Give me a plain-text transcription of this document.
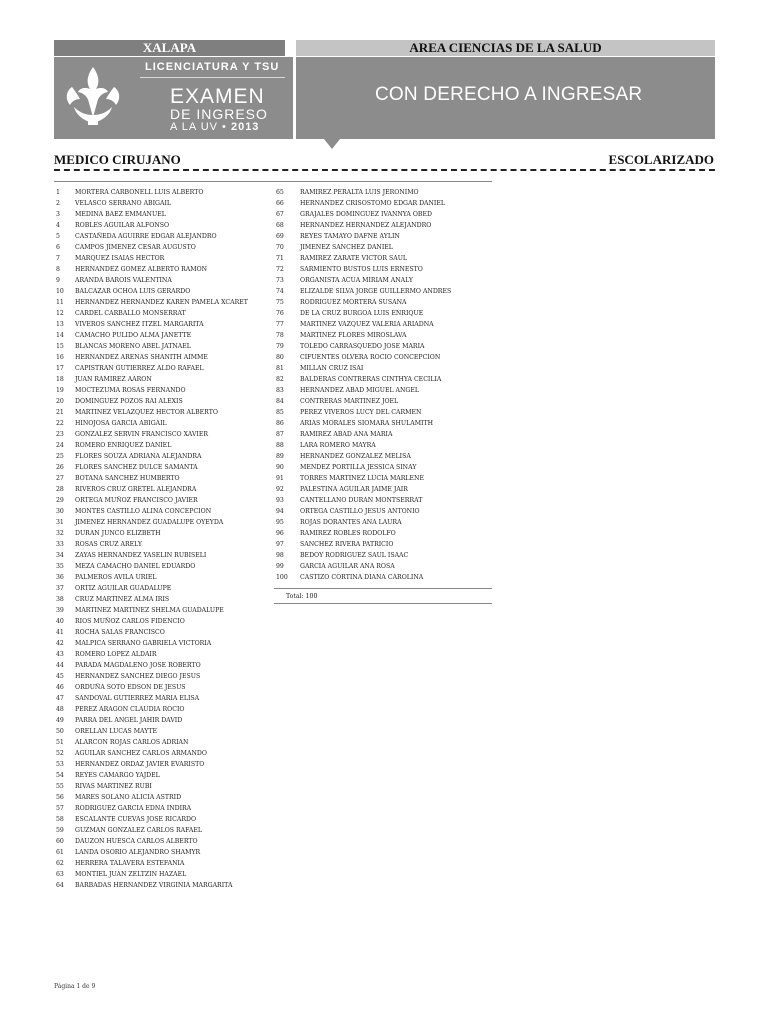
XALAPA	AREA CIENCIAS DE LA SALUD
LICENCIATURA Y TSU
EXAMEN
DE INGRESO
A LA UV • 2013
CON DERECHO A INGRESAR
MEDICO CIRUJANO	ESCOLARIZADO
1 MORTERA CARBONELL LUIS ALBERTO
2 VELASCO SERRANO ABIGAIL
3 MEDINA BAEZ EMMANUEL
4 ROBLES AGUILAR ALFONSO
5 CASTAÑEDA AGUIRRE EDGAR ALEJANDRO
6 CAMPOS JIMENEZ CESAR AUGUSTO
7 MARQUEZ ISAIAS HECTOR
8 HERNANDEZ GOMEZ ALBERTO RAMON
9 ARANDA BAROIS VALENTINA
10 BALCAZAR OCHOA LUIS GERARDO
11 HERNANDEZ HERNANDEZ KAREN PAMELA XCARET
12 CARDEL CARBALLO MONSERRAT
13 VIVEROS SANCHEZ ITZEL MARGARITA
14 CAMACHO PULIDO ALMA JANETTE
15 BLANCAS MORENO ABEL JATNAEL
16 HERNANDEZ ARENAS SHANITH AIMME
17 CAPISTRAN GUTIERREZ ALDO RAFAEL
18 JUAN RAMIREZ AARON
19 MOCTEZUMA ROSAS FERNANDO
20 DOMINGUEZ POZOS RAI ALEXIS
21 MARTINEZ VELAZQUEZ HECTOR ALBERTO
22 HINOJOSA GARCIA ABIGAIL
23 GONZALEZ SERVIN FRANCISCO XAVIER
24 ROMERO ENRIQUEZ DANIEL
25 FLORES SOUZA ADRIANA ALEJANDRA
26 FLORES SANCHEZ DULCE SAMANTA
27 BOTANA SANCHEZ HUMBERTO
28 RIVEROS CRUZ GRETEL ALEJANDRA
29 ORTEGA MUÑOZ FRANCISCO JAVIER
30 MONTES CASTILLO ALINA CONCEPCION
31 JIMENEZ HERNANDEZ GUADALUPE OYEYDA
32 DURAN JUNCO ELIZBETH
33 ROSAS CRUZ ARELY
34 ZAYAS HERNANDEZ YASELIN RUBISELI
35 MEZA CAMACHO DANIEL EDUARDO
36 PALMEROS AVILA URIEL
37 ORTIZ AGUILAR GUADALUPE
38 CRUZ MARTINEZ ALMA IRIS
39 MARTINEZ MARTINEZ SHELMA GUADALUPE
40 RIOS MUÑOZ CARLOS FIDENCIO
41 ROCHA SALAS FRANCISCO
42 MALPICA SERRANO GABRIELA VICTORIA
43 ROMERO LOPEZ ALDAIR
44 PARADA MAGDALENO JOSE ROBERTO
45 HERNANDEZ SANCHEZ DIEGO JESUS
46 ORDUÑA SOTO EDSON DE JESUS
47 SANDOVAL GUTIERREZ MARIA ELISA
48 PEREZ ARAGON CLAUDIA ROCIO
49 PARRA DEL ANGEL JAHIR DAVID
50 ORELLAN LUCAS MAYTE
51 ALARCON ROJAS CARLOS ADRIAN
52 AGUILAR SANCHEZ CARLOS ARMANDO
53 HERNANDEZ ORDAZ JAVIER EVARISTO
54 REYES CAMARGO YAJDEL
55 RIVAS MARTINEZ RUBI
56 MARES SOLANO ALICIA ASTRID
57 RODRIGUEZ GARCIA EDNA INDIRA
58 ESCALANTE CUEVAS JOSE RICARDO
59 GUZMAN GONZALEZ CARLOS RAFAEL
60 DAUZON HUESCA CARLOS ALBERTO
61 LANDA OSORIO ALEJANDRO SHAMYR
62 HERRERA TALAVERA ESTEFANIA
63 MONTIEL JUAN ZELTZIN HAZAEL
64 BARBADAS HERNANDEZ VIRGINIA MARGARITA
65	RAMIREZ PERALTA LUIS JERONIMO
66	HERNANDEZ CRISOSTOMO EDGAR DANIEL
67	GRAJALES DOMINGUEZ IVANNYA OBED
68	HERNANDEZ HERNANDEZ ALEJANDRO
69	REYES TAMAYO DAFNE AYLIN
70	JIMENEZ SANCHEZ DANIEL
71	RAMIREZ ZARATE VICTOR SAUL
72	SARMIENTO BUSTOS LUIS ERNESTO
73	ORGANISTA ACUA MIRIAM ANALY
74	ELIZALDE SILVA JORGE GUILLERMO ANDRES
75	RODRIGUEZ MORTERA SUSANA
76	DE LA CRUZ BURGOA LUIS ENRIQUE
77	MARTINEZ VAZQUEZ VALERIA ARIADNA
78	MARTINEZ FLORES MIROSLAVA
79	TOLEDO CARRASQUEDO JOSE MARIA
80	CIFUENTES OLVERA ROCIO CONCEPCION
81	MILLAN CRUZ ISAI
82	BALDERAS CONTRERAS CINTHYA CECILIA
83	HERNANDEZ ABAD MIGUEL ANGEL
84	CONTRERAS MARTINEZ JOEL
85	PEREZ VIVEROS LUCY DEL CARMEN
86	ARIAS MORALES SIOMARA SHULAMITH
87	RAMIREZ ABAD ANA MARIA
88	LARA ROMERO MAYRA
89	HERNANDEZ GONZALEZ MELISA
90	MENDEZ PORTILLA JESSICA SINAY
91	TORRES MARTINEZ LUCIA MARLENE
92	PALESTINA AGUILAR JAIME JAIR
93	CANTELLANO DURAN MONTSERRAT
94	ORTEGA CASTILLO JESUS ANTONIO
95	ROJAS DORANTES ANA LAURA
96	RAMIREZ ROBLES RODOLFO
97	SANCHEZ RIVERA PATRICIO
98	BEDOY RODRIGUEZ SAUL ISAAC
99	GARCIA AGUILAR ANA ROSA
100 CASTIZO CORTINA DIANA CAROLINA
Total: 100
Página 1 de 9
